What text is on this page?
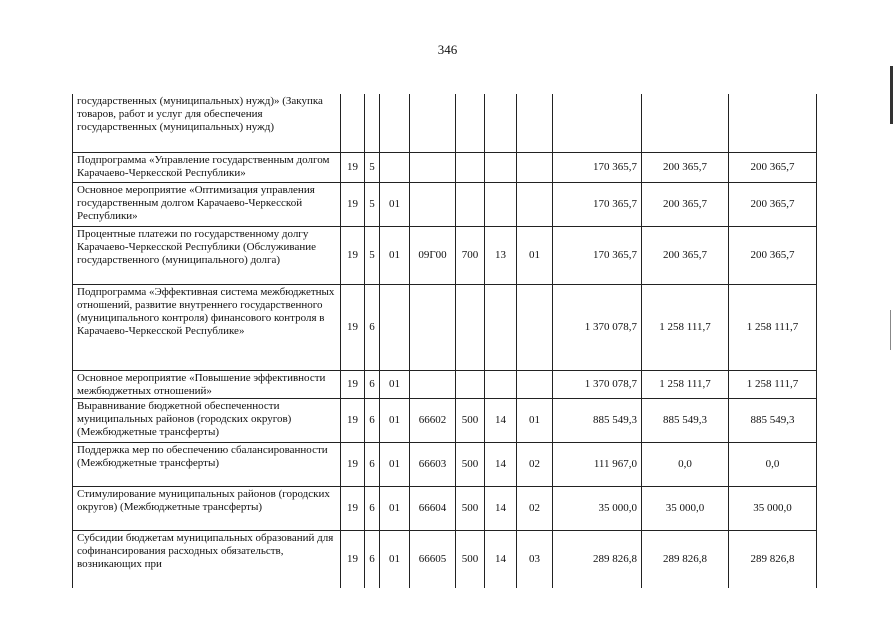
346
государственных (муниципальных) нужд)» (Закупка товаров, работ и услуг для обеспечения государственных (муниципальных) нужд)										
Подпрограмма «Управление государственным долгом Карачаево-Черкесской Республики»	19	5						170 365,7	200 365,7	200 365,7
Основное мероприятие «Оптимизация управления государственным долгом Карачаево-Черкесской Республики»	19	5	01					170 365,7	200 365,7	200 365,7
Процентные платежи по государственному долгу Карачаево-Черкесской Республики (Обслуживание государственного (муниципального) долга)	19	5	01	09Г00	700	13	01	170 365,7	200 365,7	200 365,7
Подпрограмма «Эффективная система межбюджетных отношений, развитие внутреннего государственного (муниципального контроля) финансового контроля в Карачаево-Черкесской Республике»	19	6						1 370 078,7	1 258 111,7	1 258 111,7
Основное мероприятие «Повышение эффективности межбюджетных отношений»	19	6	01					1 370 078,7	1 258 111,7	1 258 111,7
Выравнивание бюджетной обеспеченности муниципальных районов (городских округов) (Межбюджетные трансферты)	19	6	01	66602	500	14	01	885 549,3	885 549,3	885 549,3
Поддержка мер по обеспечению сбалансированности (Межбюджетные трансферты)	19	6	01	66603	500	14	02	111 967,0	0,0	0,0
Стимулирование муниципальных районов (городских округов) (Межбюджетные трансферты)	19	6	01	66604	500	14	02	35 000,0	35 000,0	35 000,0
Субсидии бюджетам муниципальных образований для софинансирования расходных обязательств, возникающих при	19	6	01	66605	500	14	03	289 826,8	289 826,8	289 826,8
